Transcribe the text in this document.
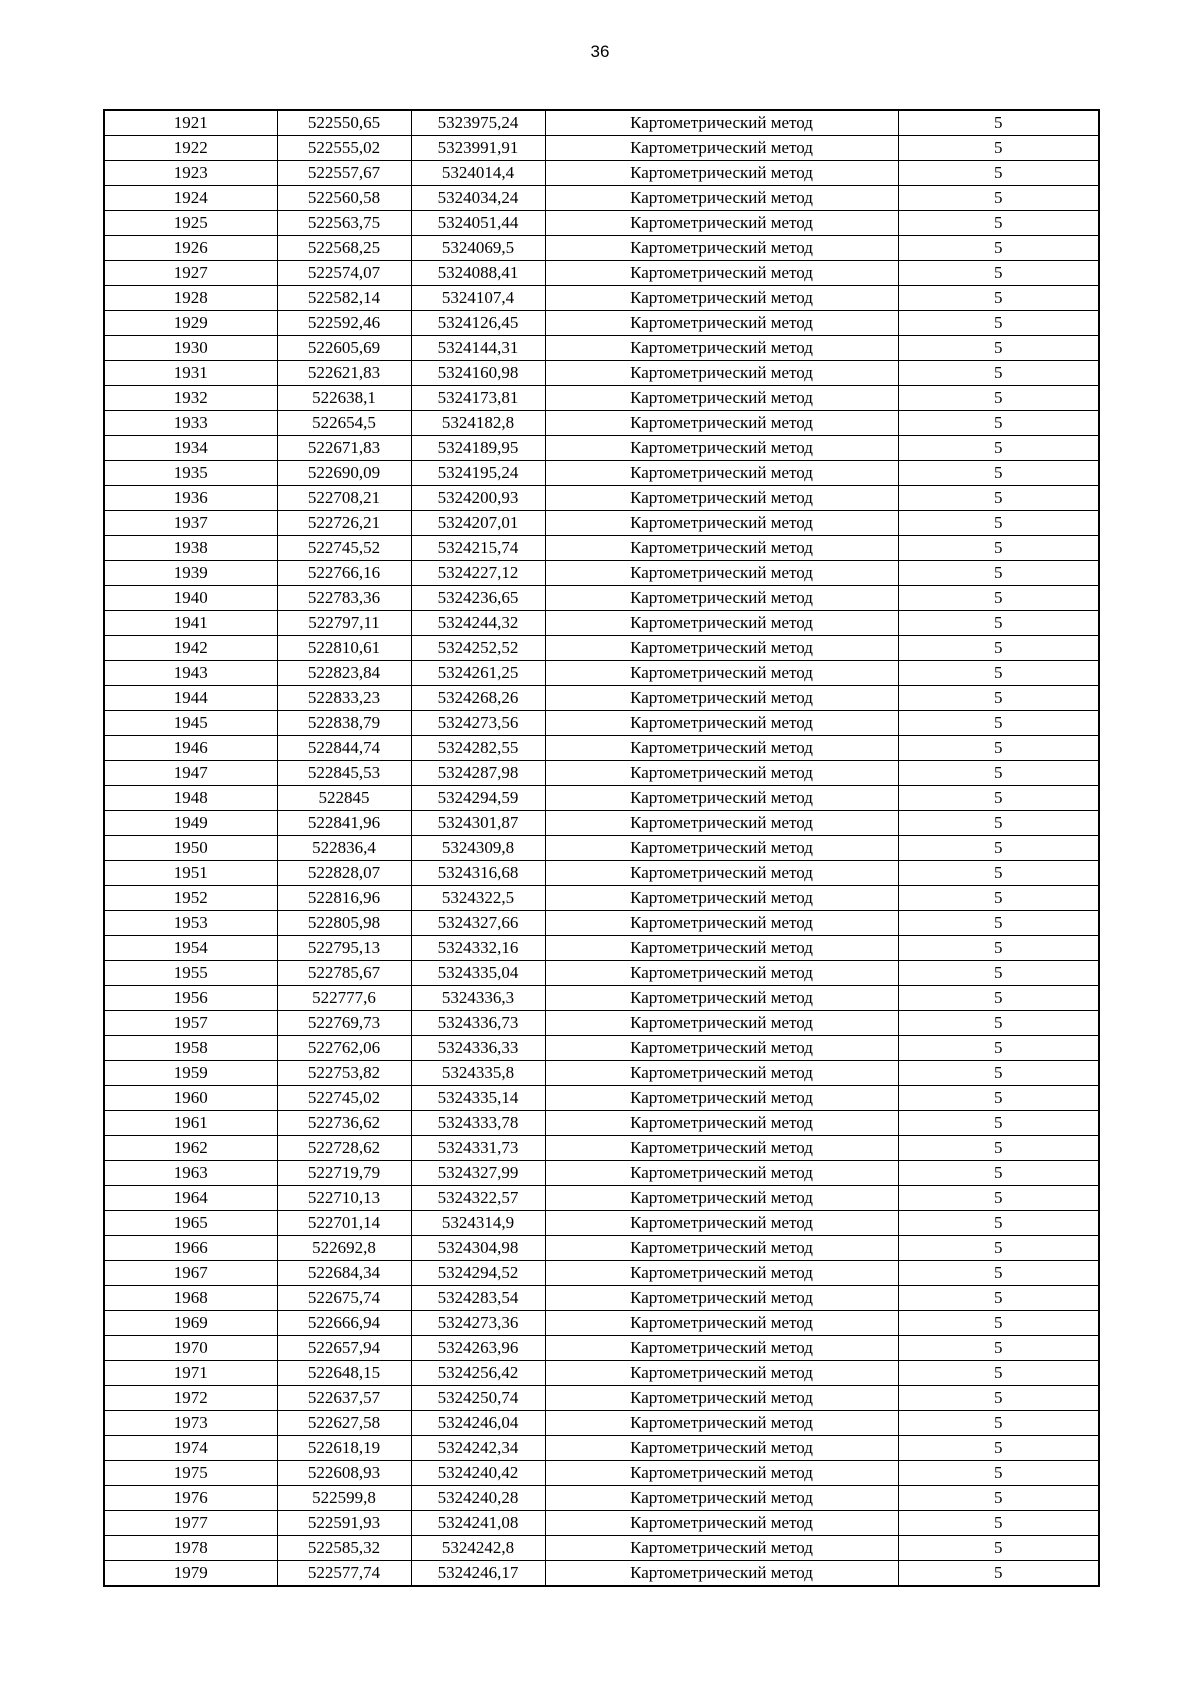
36
1921	522550,65	5323975,24	Картометрический метод	5
1922	522555,02	5323991,91	Картометрический метод	5
1923	522557,67	5324014,4	Картометрический метод	5
1924	522560,58	5324034,24	Картометрический метод	5
1925	522563,75	5324051,44	Картометрический метод	5
1926	522568,25	5324069,5	Картометрический метод	5
1927	522574,07	5324088,41	Картометрический метод	5
1928	522582,14	5324107,4	Картометрический метод	5
1929	522592,46	5324126,45	Картометрический метод	5
1930	522605,69	5324144,31	Картометрический метод	5
1931	522621,83	5324160,98	Картометрический метод	5
1932	522638,1	5324173,81	Картометрический метод	5
1933	522654,5	5324182,8	Картометрический метод	5
1934	522671,83	5324189,95	Картометрический метод	5
1935	522690,09	5324195,24	Картометрический метод	5
1936	522708,21	5324200,93	Картометрический метод	5
1937	522726,21	5324207,01	Картометрический метод	5
1938	522745,52	5324215,74	Картометрический метод	5
1939	522766,16	5324227,12	Картометрический метод	5
1940	522783,36	5324236,65	Картометрический метод	5
1941	522797,11	5324244,32	Картометрический метод	5
1942	522810,61	5324252,52	Картометрический метод	5
1943	522823,84	5324261,25	Картометрический метод	5
1944	522833,23	5324268,26	Картометрический метод	5
1945	522838,79	5324273,56	Картометрический метод	5
1946	522844,74	5324282,55	Картометрический метод	5
1947	522845,53	5324287,98	Картометрический метод	5
1948	522845	5324294,59	Картометрический метод	5
1949	522841,96	5324301,87	Картометрический метод	5
1950	522836,4	5324309,8	Картометрический метод	5
1951	522828,07	5324316,68	Картометрический метод	5
1952	522816,96	5324322,5	Картометрический метод	5
1953	522805,98	5324327,66	Картометрический метод	5
1954	522795,13	5324332,16	Картометрический метод	5
1955	522785,67	5324335,04	Картометрический метод	5
1956	522777,6	5324336,3	Картометрический метод	5
1957	522769,73	5324336,73	Картометрический метод	5
1958	522762,06	5324336,33	Картометрический метод	5
1959	522753,82	5324335,8	Картометрический метод	5
1960	522745,02	5324335,14	Картометрический метод	5
1961	522736,62	5324333,78	Картометрический метод	5
1962	522728,62	5324331,73	Картометрический метод	5
1963	522719,79	5324327,99	Картометрический метод	5
1964	522710,13	5324322,57	Картометрический метод	5
1965	522701,14	5324314,9	Картометрический метод	5
1966	522692,8	5324304,98	Картометрический метод	5
1967	522684,34	5324294,52	Картометрический метод	5
1968	522675,74	5324283,54	Картометрический метод	5
1969	522666,94	5324273,36	Картометрический метод	5
1970	522657,94	5324263,96	Картометрический метод	5
1971	522648,15	5324256,42	Картометрический метод	5
1972	522637,57	5324250,74	Картометрический метод	5
1973	522627,58	5324246,04	Картометрический метод	5
1974	522618,19	5324242,34	Картометрический метод	5
1975	522608,93	5324240,42	Картометрический метод	5
1976	522599,8	5324240,28	Картометрический метод	5
1977	522591,93	5324241,08	Картометрический метод	5
1978	522585,32	5324242,8	Картометрический метод	5
1979	522577,74	5324246,17	Картометрический метод	5
